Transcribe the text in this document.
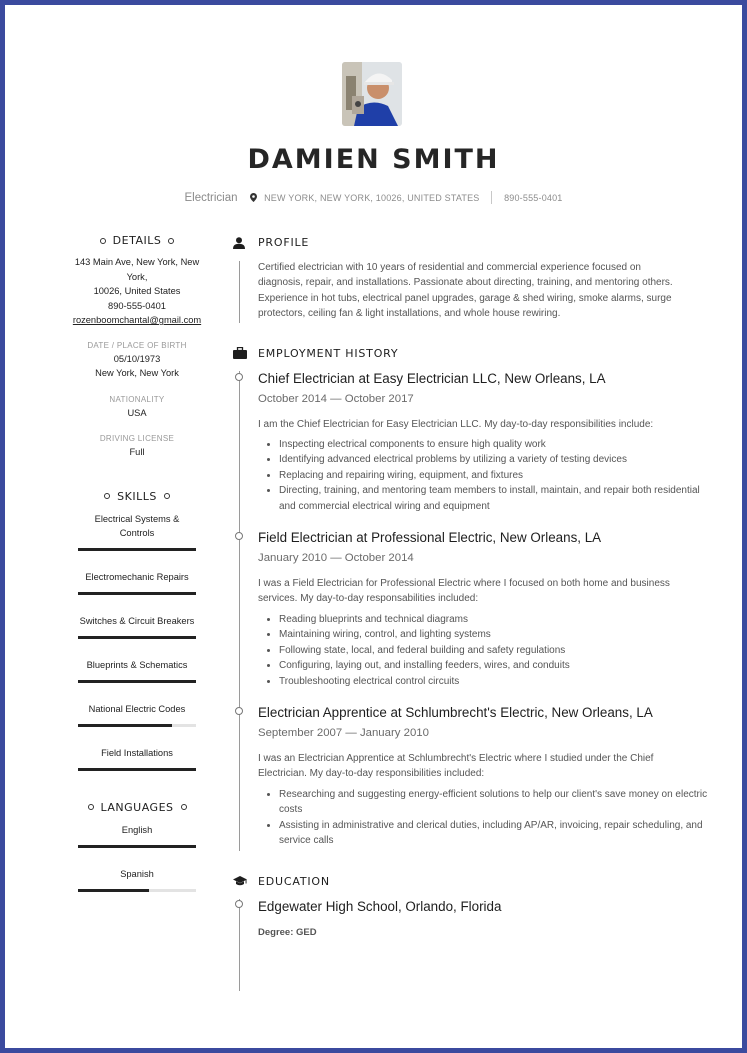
DAMIEN SMITH
Electrician	NEW YORK, NEW YORK, 10026, UNITED STATES	890-555-0401
DETAILS
143 Main Ave, New York, New York,
10026, United States
890-555-0401
rozenboomchantal@gmail.com
DATE / PLACE OF BIRTH
05/10/1973
New York, New York
NATIONALITY
USA
DRIVING LICENSE
Full
SKILLS
Electrical Systems & Controls
Electromechanic Repairs
Switches & Circuit Breakers
Blueprints & Schematics
National Electric Codes
Field Installations
LANGUAGES
English
Spanish
PROFILE

Certified electrician with 10 years of residential and commercial experience focused on diagnosis, repair, and installations. Passionate about directing, training, and mentoring others. Experience in hot tubs, electrical panel upgrades, garage & shed wiring, smoke alarms, surge protectors, ceiling fan & light installations, and whole house rewiring.

EMPLOYMENT HISTORY
Chief Electrician at Easy Electrician LLC, New Orleans, LA
October 2014 — October 2017

I am the Chief Electrician for Easy Electrician LLC. My day-to-day responsibilities include:

• Inspecting electrical components to ensure high quality work
• Identifying advanced electrical problems by utilizing a variety of testing devices
• Replacing and repairing wiring, equipment, and fixtures
• Directing, training, and mentoring team members to install, maintain, and repair both residential and commercial electrical wiring and equipment
Field Electrician at Professional Electric, New Orleans, LA
January 2010 — October 2014

I was a Field Electrician for Professional Electric where I focused on both home and business services. My day-to-day responsabilities included:

• Reading blueprints and technical diagrams
• Maintaining wiring, control, and lighting systems
• Following state, local, and federal building and safety regulations
• Configuring, laying out, and installing feeders, wires, and conduits
• Troubleshooting electrical control circuits
Electrician Apprentice at Schlumbrecht's Electric, New Orleans, LA
September 2007 — January 2010

I was an Electrician Apprentice at Schlumbrecht's Electric where I studied under the Chief Electrician. My day-to-day responsibilities included:

• Researching and suggesting energy-efficient solutions to help our client's save money on electric costs
• Assisting in administrative and clerical duties, including AP/AR, invoicing, repair scheduling, and service calls
EDUCATION
Edgewater High School, Orlando, Florida
Degree: GED
